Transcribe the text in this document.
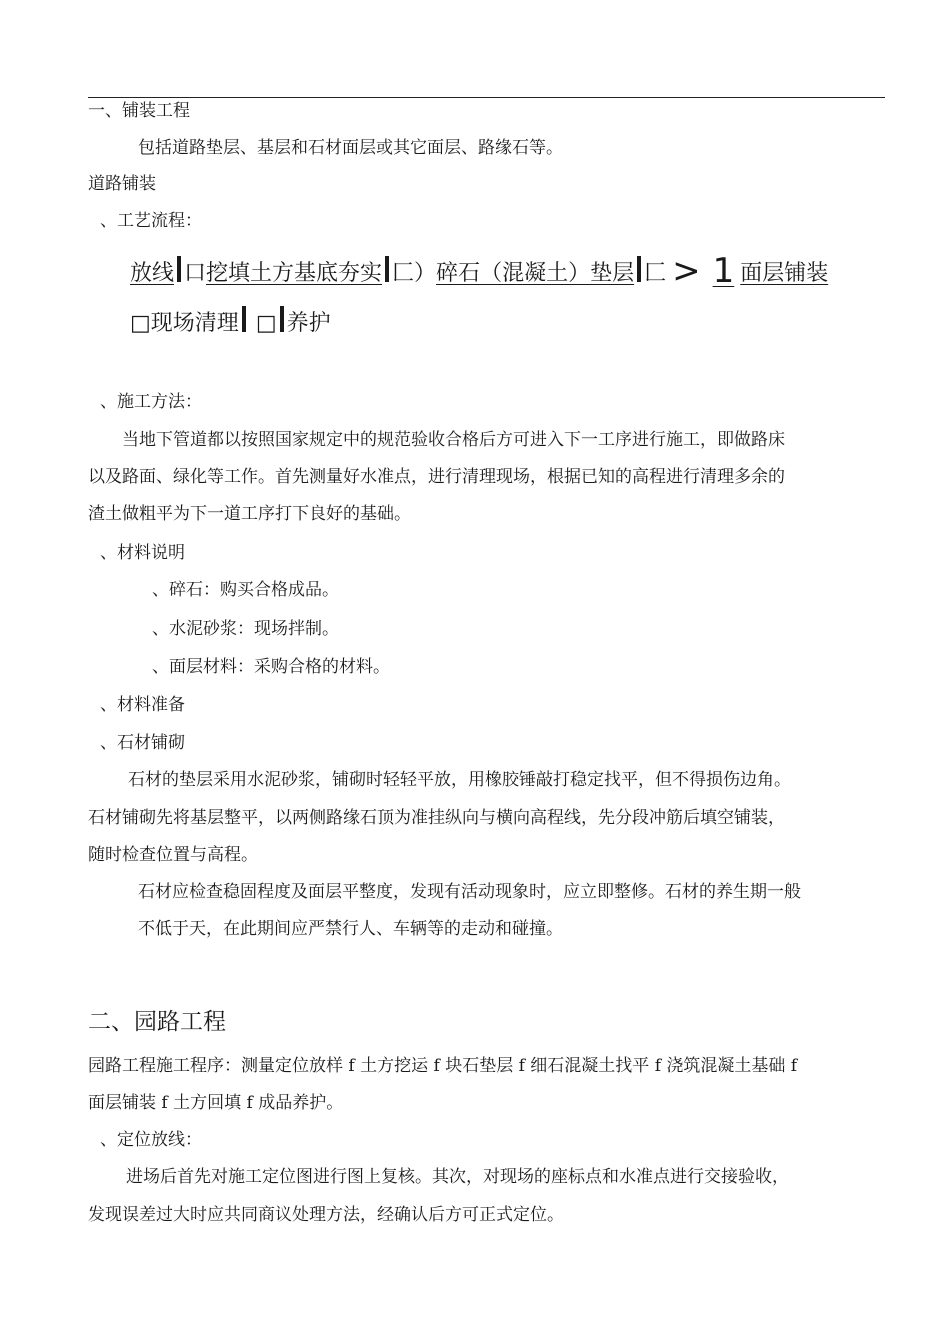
一、铺装工程
包括道路垫层、基层和石材面层或其它面层、路缘石等。
道路铺装
、工艺流程：
放线 口挖填土方基底夯实 匚）碎石（混凝土）垫层 匚 > 1 面层铺装
□现场清理 □ 养护
、施工方法：
当地下管道都以按照国家规定中的规范验收合格后方可进入下一工序进行施工，即做路床
以及路面、绿化等工作。首先测量好水准点，进行清理现场，根据已知的高程进行清理多余的
渣土做粗平为下一道工序打下良好的基础。
、材料说明
、碎石：购买合格成品。
、水泥砂浆：现场拌制。
、面层材料：采购合格的材料。
、材料准备
、石材铺砌
石材的垫层采用水泥砂浆，铺砌时轻轻平放，用橡胶锤敲打稳定找平，但不得损伤边角。
石材铺砌先将基层整平，以两侧路缘石顶为准挂纵向与横向高程线，先分段冲筋后填空铺装，
随时检查位置与高程。
石材应检查稳固程度及面层平整度，发现有活动现象时，应立即整修。石材的养生期一般
不低于天，在此期间应严禁行人、车辆等的走动和碰撞。
二、园路工程
园路工程施工程序：测量定位放样 f 土方挖运 f 块石垫层 f 细石混凝土找平 f 浇筑混凝土基础 f
面层铺装 f 土方回填 f 成品养护。
、定位放线：
进场后首先对施工定位图进行图上复核。其次，对现场的座标点和水准点进行交接验收，
发现误差过大时应共同商议处理方法，经确认后方可正式定位。
